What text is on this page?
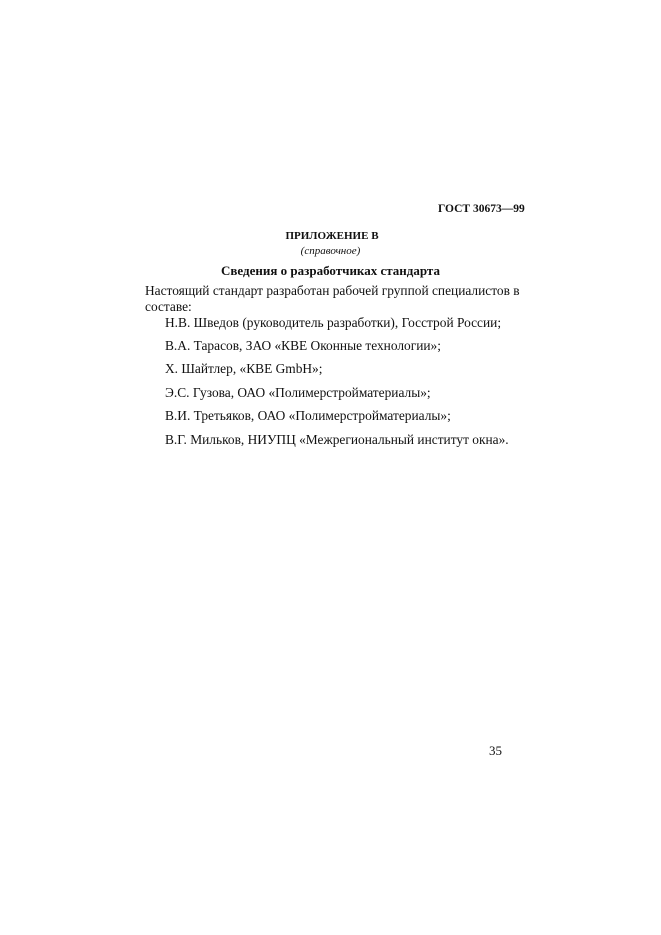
ГОСТ 30673—99
ПРИЛОЖЕНИЕ В
(справочное)
Сведения о разработчиках стандарта
Настоящий стандарт разработан рабочей группой специалистов в составе:
Н.В. Шведов (руководитель разработки), Госстрой России;
В.А. Тарасов, ЗАО «КВЕ Оконные технологии»;
Х. Шайтлер, «КВЕ GmbH»;
Э.С. Гузова, ОАО «Полимерстройматериалы»;
В.И. Третьяков, ОАО «Полимерстройматериалы»;
В.Г. Мильков, НИУПЦ «Межрегиональный институт окна».
35
